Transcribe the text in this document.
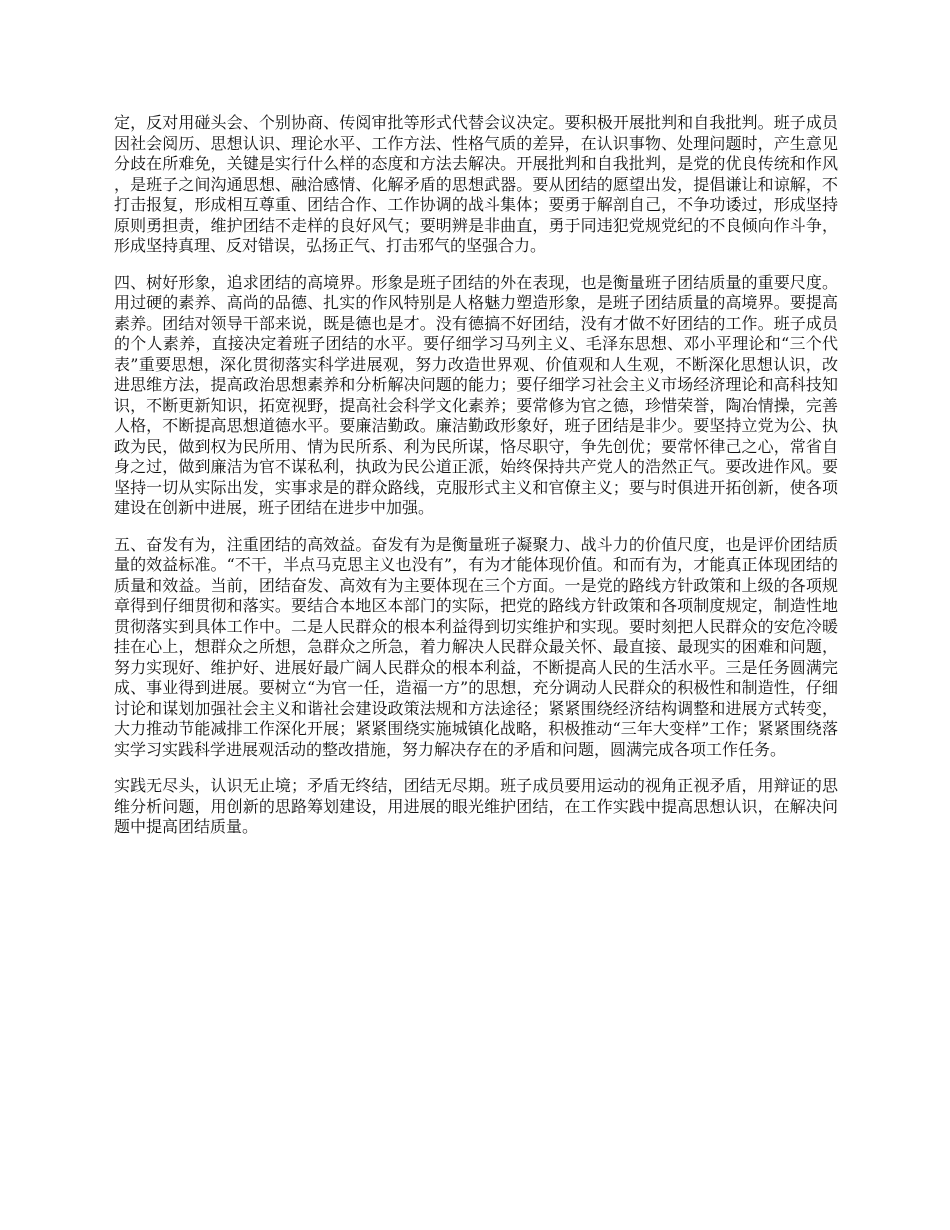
定，反对用碰头会、个别协商、传阅审批等形式代替会议决定。要积极开展批判和自我批判。班子成员因社会阅历、思想认识、理论水平、工作方法、性格气质的差异，在认识事物、处理问题时，产生意见分歧在所难免，关键是实行什么样的态度和方法去解决。开展批判和自我批判，是党的优良传统和作风，是班子之间沟通思想、融洽感情、化解矛盾的思想武器。要从团结的愿望出发，提倡谦让和谅解，不打击报复，形成相互尊重、团结合作、工作协调的战斗集体；要勇于解剖自己，不争功诿过，形成坚持原则勇担责，维护团结不走样的良好风气；要明辨是非曲直，勇于同违犯党规党纪的不良倾向作斗争，形成坚持真理、反对错误，弘扬正气、打击邪气的坚强合力。

四、树好形象，追求团结的高境界。形象是班子团结的外在表现，也是衡量班子团结质量的重要尺度。用过硬的素养、高尚的品德、扎实的作风特别是人格魅力塑造形象，是班子团结质量的高境界。要提高素养。团结对领导干部来说，既是德也是才。没有德搞不好团结，没有才做不好团结的工作。班子成员的个人素养，直接决定着班子团结的水平。要仔细学习马列主义、毛泽东思想、邓小平理论和“三个代表”重要思想，深化贯彻落实科学进展观，努力改造世界观、价值观和人生观，不断深化思想认识，改进思维方法，提高政治思想素养和分析解决问题的能力；要仔细学习社会主义市场经济理论和高科技知识，不断更新知识，拓宽视野，提高社会科学文化素养；要常修为官之德，珍惜荣誉，陶冶情操，完善人格，不断提高思想道德水平。要廉洁勤政。廉洁勤政形象好，班子团结是非少。要坚持立党为公、执政为民，做到权为民所用、情为民所系、利为民所谋，恪尽职守，争先创优；要常怀律己之心，常省自身之过，做到廉洁为官不谋私利，执政为民公道正派，始终保持共产党人的浩然正气。要改进作风。要坚持一切从实际出发，实事求是的群众路线，克服形式主义和官僚主义；要与时俱进开拓创新，使各项建设在创新中进展，班子团结在进步中加强。

五、奋发有为，注重团结的高效益。奋发有为是衡量班子凝聚力、战斗力的价值尺度，也是评价团结质量的效益标准。“不干，半点马克思主义也没有”，有为才能体现价值。和而有为，才能真正体现团结的质量和效益。当前，团结奋发、高效有为主要体现在三个方面。一是党的路线方针政策和上级的各项规章得到仔细贯彻和落实。要结合本地区本部门的实际，把党的路线方针政策和各项制度规定，制造性地贯彻落实到具体工作中。二是人民群众的根本利益得到切实维护和实现。要时刻把人民群众的安危冷暖挂在心上，想群众之所想，急群众之所急，着力解决人民群众最关怀、最直接、最现实的困难和问题，努力实现好、维护好、进展好最广阔人民群众的根本利益，不断提高人民的生活水平。三是任务圆满完成、事业得到进展。要树立“为官一任，造福一方”的思想，充分调动人民群众的积极性和制造性，仔细讨论和谋划加强社会主义和谐社会建设政策法规和方法途径；紧紧围绕经济结构调整和进展方式转变，大力推动节能减排工作深化开展；紧紧围绕实施城镇化战略，积极推动“三年大变样”工作；紧紧围绕落实学习实践科学进展观活动的整改措施，努力解决存在的矛盾和问题，圆满完成各项工作任务。

实践无尽头，认识无止境；矛盾无终结，团结无尽期。班子成员要用运动的视角正视矛盾，用辩证的思维分析问题，用创新的思路筹划建设，用进展的眼光维护团结，在工作实践中提高思想认识，在解决问题中提高团结质量。
